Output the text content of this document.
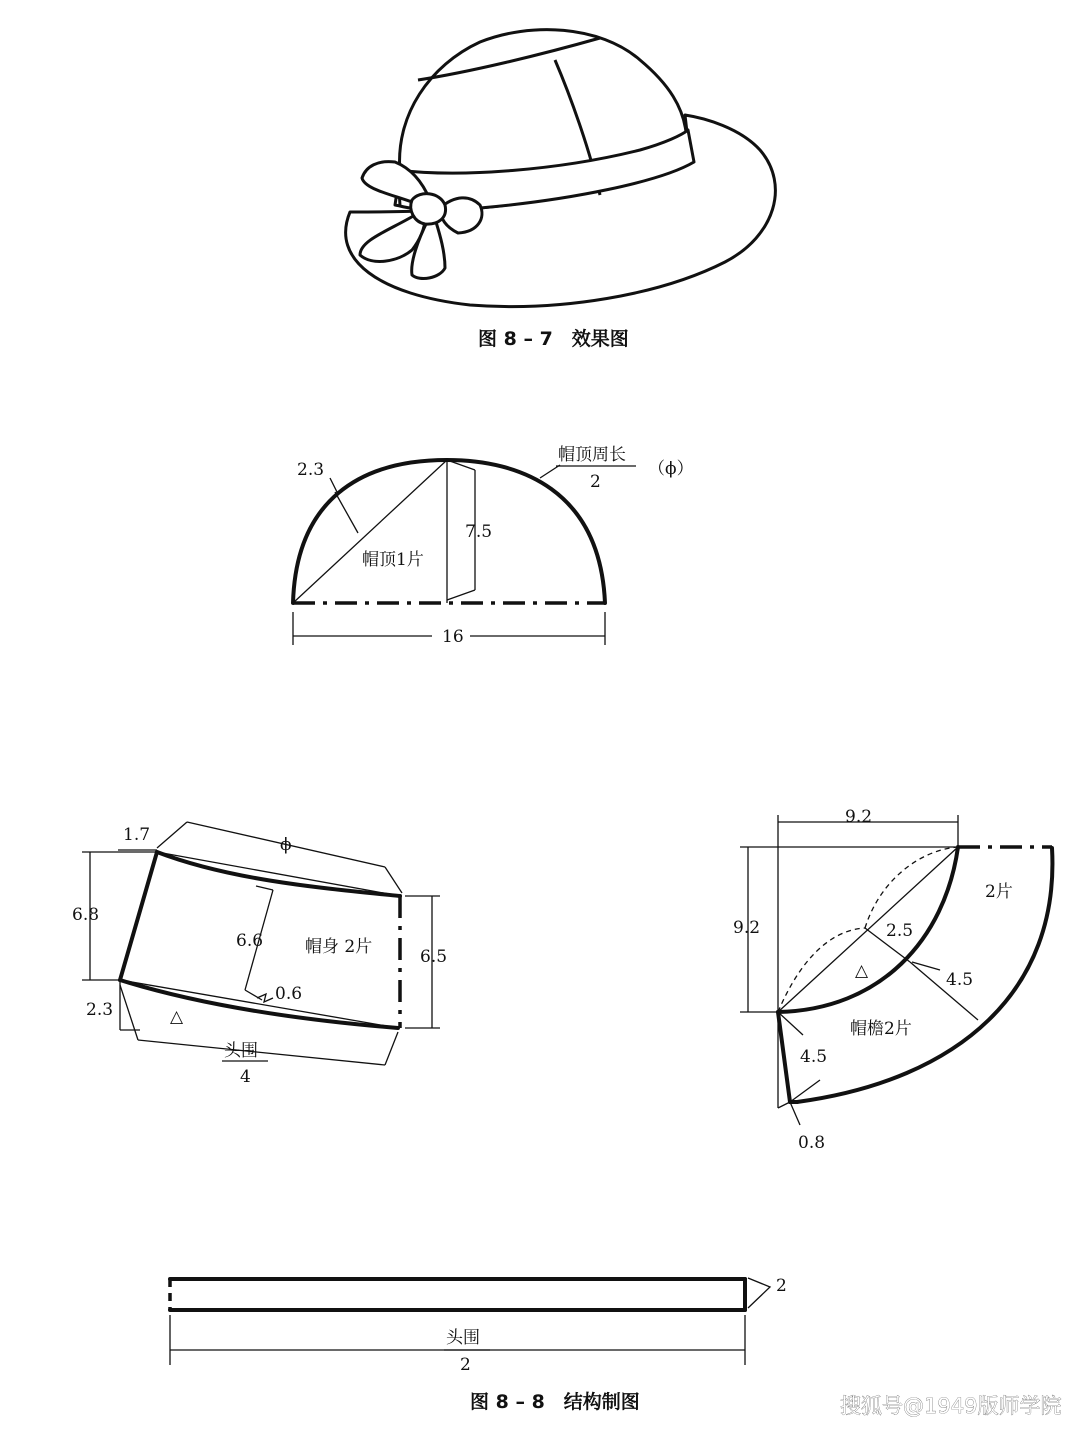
图 8 – 7　效果图
2.3
7.5
帽顶1片
16
帽顶周长
2
（ϕ）
ϕ
1.7
6.8
6.6
0.6
帽身 2片	6.5
2.3	△
头围
4
2.5
4.5
△
2片
帽檐2片
9.2
9.2
4.5
0.8
2
头围
2
图 8 – 8　结构制图	搜狐号@1949版师学院
